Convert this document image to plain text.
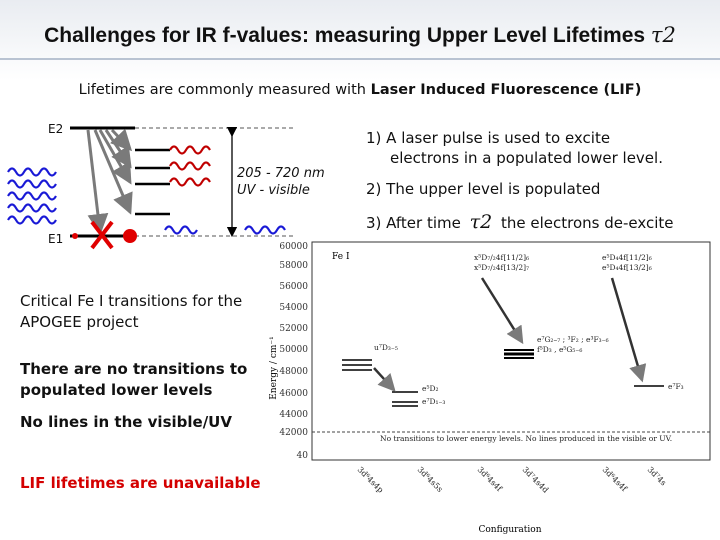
Challenges for IR f-values: measuring Upper Level Lifetimes τ2
Lifetimes are commonly measured with Laser Induced Fluorescence (LIF)
E2
E1
205 - 720 nm
UV - visible
1) A laser pulse is used to excite
electrons in a populated lower level.
2) The upper level is populated
3) After time τ2 the electrons de-excite
Critical Fe I transitions for the APOGEE project
There are no transitions to populated lower levels
No lines in the visible/UV
LIF lifetimes are unavailable
60000
58000
56000
54000
52000
50000
48000
46000
44000
42000
40
Energy / cm⁻¹
Fe I	x⁵D₇/₂4f[11/2]₆
x⁵D₇/₂4f[13/2]₇
e⁵D₄4f[11/2]₆
e⁵D₄4f[13/2]₆
e⁷G₂–₇ ; ³F₂ ; e³F₃₋₆
f⁵D₃ , e⁵G₅₋₆
u⁷D₃₋₅
e⁵D₂
e⁷D₁₋₃
e⁷F₃
No transitions to lower energy levels. No lines produced in the visible or UV.
3d⁶4s4p	3d⁶4s5s	3d⁶4s4f 3d⁷4s4d	3d⁶4s4f 3d⁷4s
Configuration
